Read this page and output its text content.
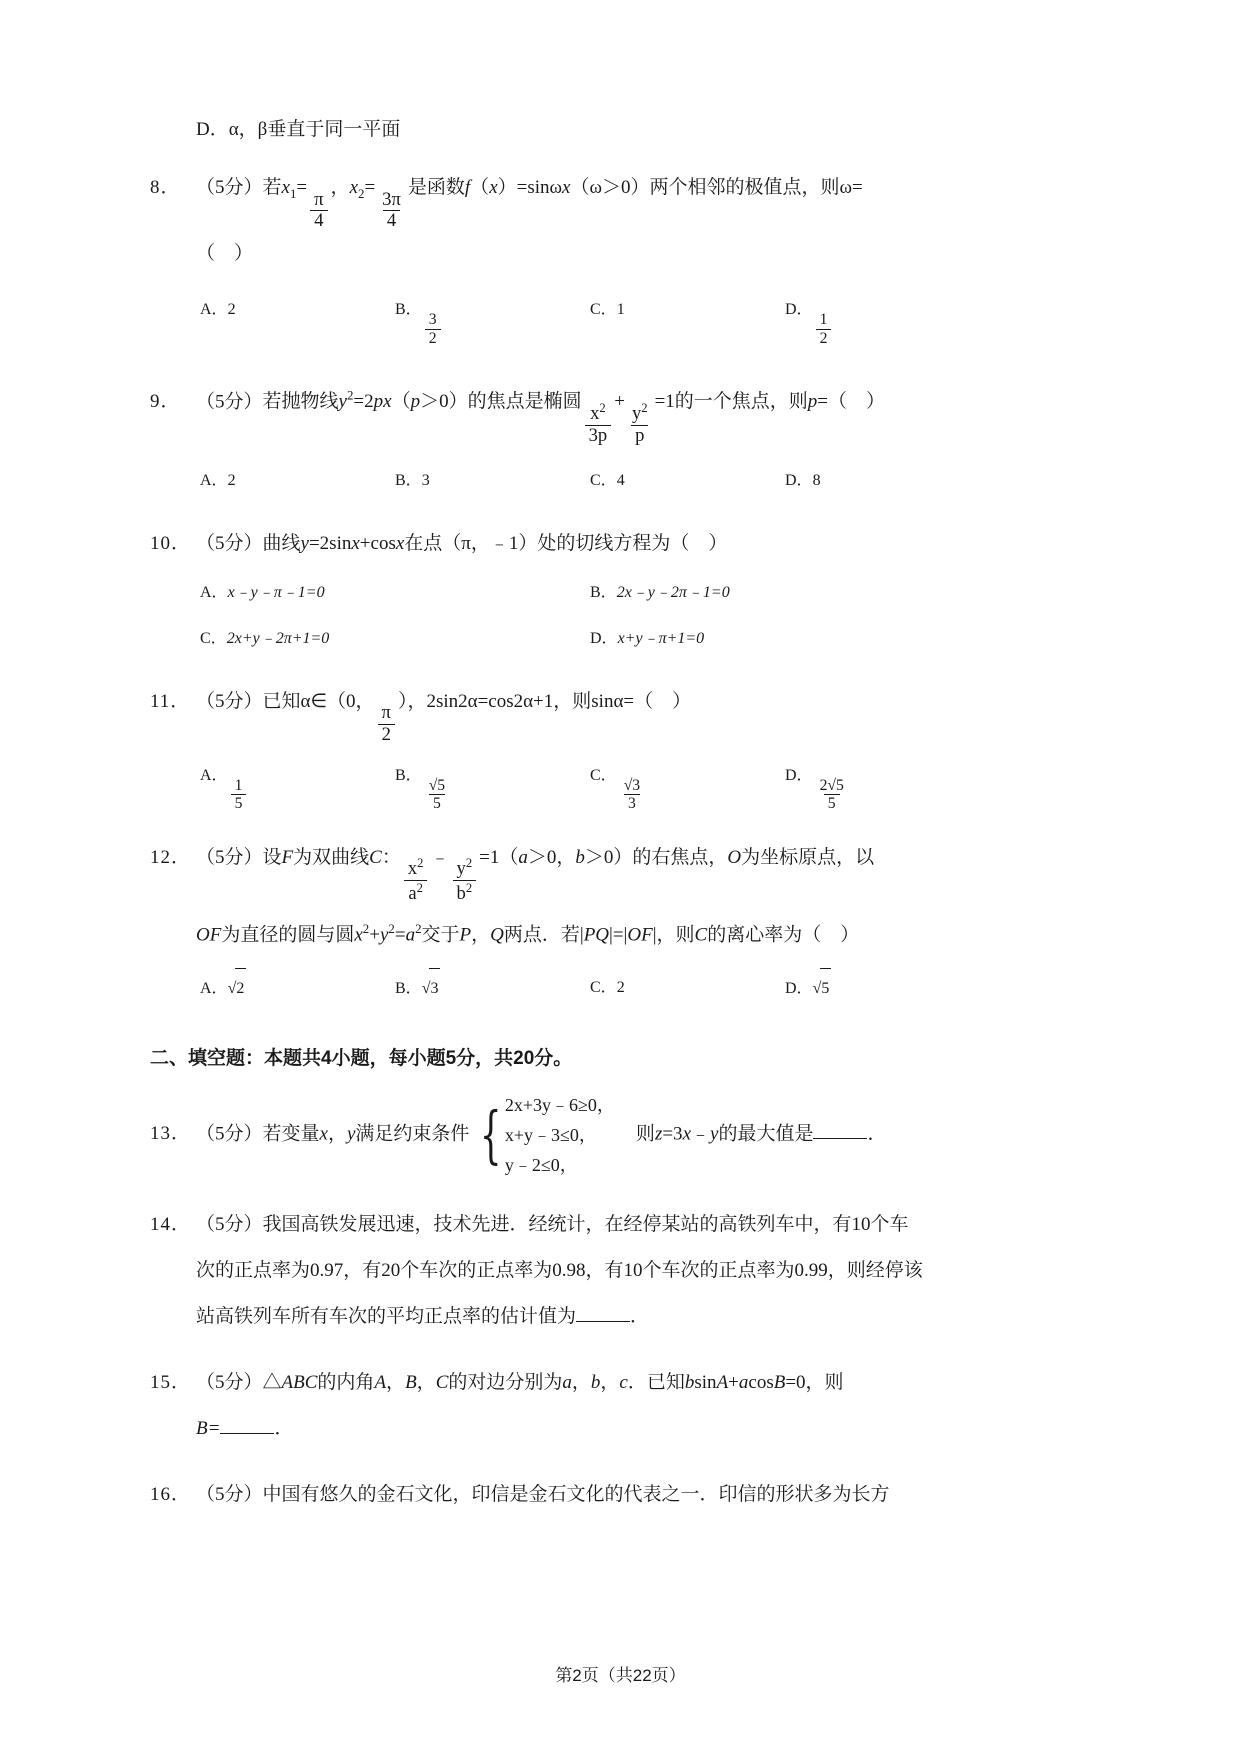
D．α，β垂直于同一平面
8． （5分）若$x_1=$
$\frac{\pi}{4}$
，$x_2=$
$\frac{3\pi}{4}$
是函数f（x）=sinωx（ω＞0）两个相邻的极值点，则ω=
（　）
A．2	B．
$\frac{3}{2}$
C．1	D．
$\frac{1}{2}$
9． （5分）若抛物线$y^2=2px(p>0)$的焦点是椭圆 $\frac{x^2}{3p} + \frac{y^2}{p} =1$的一个焦点，则p=（　）
A．2	B．3	C．4	D．8
10． （5分）曲线y=2sinx+cosx在点（π，﹣1）处的切线方程为（　）
A．x﹣y﹣π﹣1=0	B．2x﹣y﹣2π﹣1=0
C．2x+y﹣2π+1=0	D．x+y﹣π+1=0
11． （5分）已知α∈（0，
$\frac{\pi}{2}$
），2sin2α=cos2α+1，则sinα=（　）
A．
$\frac{1}{5}$
B．
$\frac{√5}{5}$
C．
$\frac{√3}{3}$
D．
$\frac{2√5}{5}$
12． （5分）设F为双曲线C： $\frac{x^2}{a^2}$ ﹣ $\frac{y^2}{b^2} =1(a>0$，b＞0）的右焦点，O为坐标原点，以
OF为直径的圆与圆$x^2+y^2=a^2$交于P，Q两点．若|PQ|=|OF|，则C的离心率为（　）
A．√2	B．√3	C．2	D．√5
二、填空题：本题共4小题，每小题5分，共20分。
13． （5分）若变量x，y满足约束条件 { 2x+3y﹣6≥0，
x+y﹣3≤0，
y﹣2≤0，
　则z=3x﹣y的最大值是	．
14． （5分）我国高铁发展迅速，技术先进．经统计，在经停某站的高铁列车中，有10个车
次的正点率为0.97，有20个车次的正点率为0.98，有10个车次的正点率为0.99，则经停该
站高铁列车所有车次的平均正点率的估计值为	．
15． （5分）△ABC的内角A，B，C的对边分别为a，b，c．已知bsinA+acosB=0，则
B=	．
16． （5分）中国有悠久的金石文化，印信是金石文化的代表之一．印信的形状多为长方
第2页（共22页）
